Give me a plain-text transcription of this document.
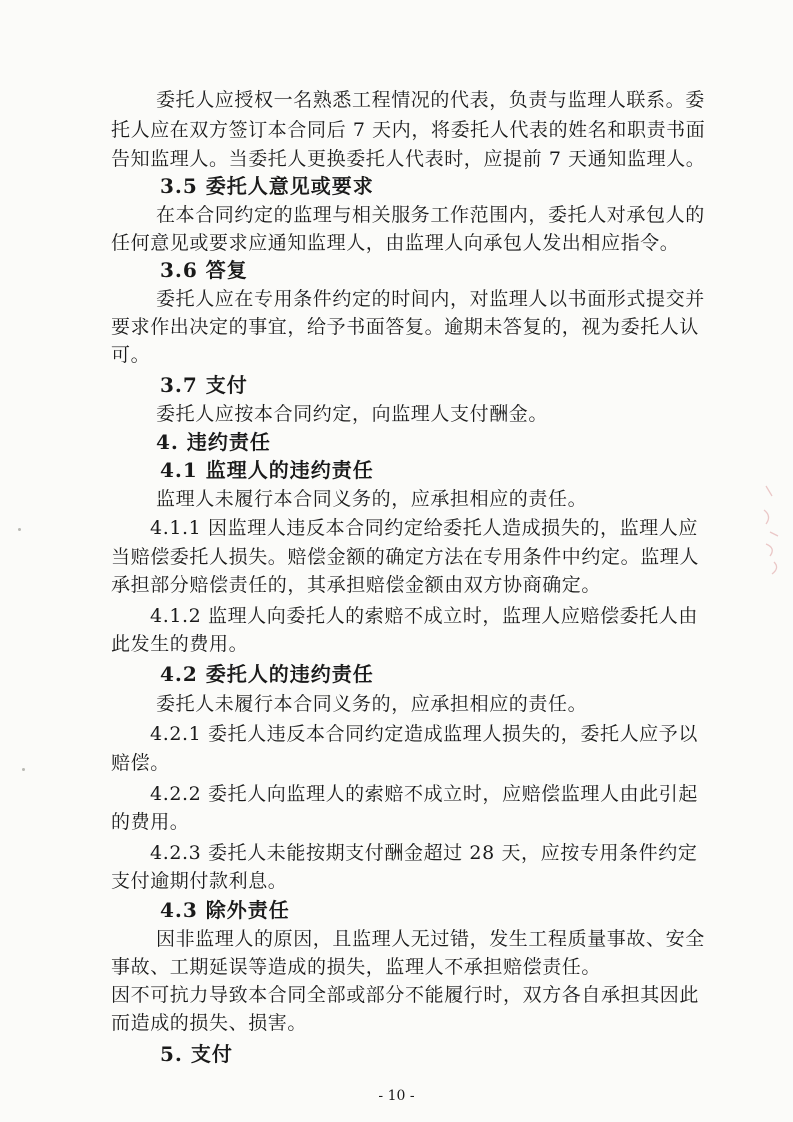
委托人应授权一名熟悉工程情况的代表，负责与监理人联系。委
托人应在双方签订本合同后 7 天内，将委托人代表的姓名和职责书面
告知监理人。当委托人更换委托人代表时，应提前 7 天通知监理人。
3.5 委托人意见或要求
在本合同约定的监理与相关服务工作范围内，委托人对承包人的
任何意见或要求应通知监理人，由监理人向承包人发出相应指令。
3.6 答复
委托人应在专用条件约定的时间内，对监理人以书面形式提交并
要求作出决定的事宜，给予书面答复。逾期未答复的，视为委托人认
可。
3.7 支付
委托人应按本合同约定，向监理人支付酬金。
4. 违约责任
4.1 监理人的违约责任
监理人未履行本合同义务的，应承担相应的责任。
4.1.1 因监理人违反本合同约定给委托人造成损失的，监理人应
当赔偿委托人损失。赔偿金额的确定方法在专用条件中约定。监理人
承担部分赔偿责任的，其承担赔偿金额由双方协商确定。
4.1.2 监理人向委托人的索赔不成立时，监理人应赔偿委托人由
此发生的费用。
4.2 委托人的违约责任
委托人未履行本合同义务的，应承担相应的责任。
4.2.1 委托人违反本合同约定造成监理人损失的，委托人应予以
赔偿。
4.2.2 委托人向监理人的索赔不成立时，应赔偿监理人由此引起
的费用。
4.2.3 委托人未能按期支付酬金超过 28 天，应按专用条件约定
支付逾期付款利息。
4.3 除外责任
因非监理人的原因，且监理人无过错，发生工程质量事故、安全
事故、工期延误等造成的损失，监理人不承担赔偿责任。
因不可抗力导致本合同全部或部分不能履行时，双方各自承担其因此
而造成的损失、损害。
5. 支付
- 10 -
